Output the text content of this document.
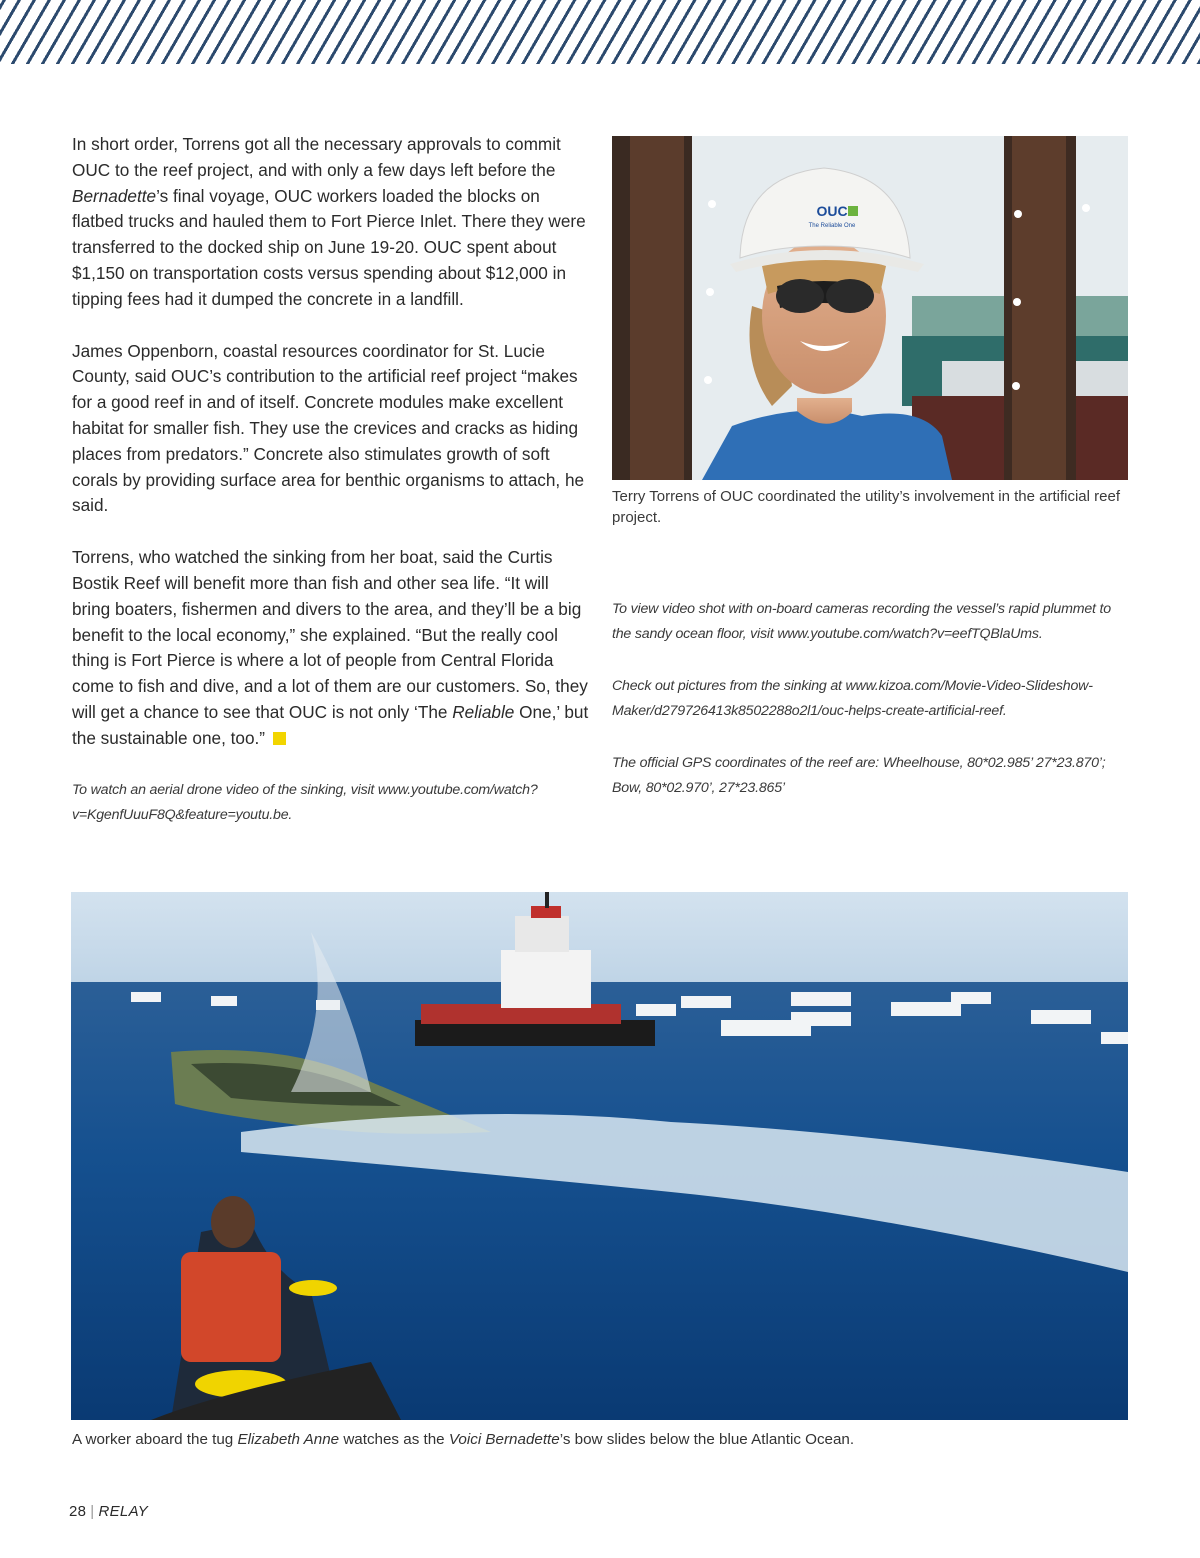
In short order, Torrens got all the necessary approvals to commit OUC to the reef project, and with only a few days left before the Bernadette’s final voyage, OUC workers loaded the blocks on flatbed trucks and hauled them to Fort Pierce Inlet. There they were transferred to the docked ship on June 19-20. OUC spent about $1,150 on transportation costs versus spending about $12,000 in tipping fees had it dumped the concrete in a landfill.

James Oppenborn, coastal resources coordinator for St. Lucie County, said OUC’s contribution to the artificial reef project “makes for a good reef in and of itself. Concrete modules make excellent habitat for smaller fish. They use the crevices and cracks as hiding places from predators.” Concrete also stimulates growth of soft corals by providing surface area for benthic organisms to attach, he said.

Torrens, who watched the sinking from her boat, said the Curtis Bostik Reef will benefit more than fish and other sea life. “It will bring boaters, fishermen and divers to the area, and they’ll be a big benefit to the local economy,” she explained. “But the really cool thing is Fort Pierce is where a lot of people from Central Florida come to fish and dive, and a lot of them are our customers. So, they will get a chance to see that OUC is not only ‘The Reliable One,’ but the sustainable one, too.”

To watch an aerial drone video of the sinking, visit www.youtube.com/watch?v=KgenfUuuF8Q&feature=youtu.be.

OUC
The Reliable One
Terry Torrens of OUC coordinated the utility’s involvement in the artificial reef project.

To view video shot with on-board cameras recording the vessel’s rapid plummet to the sandy ocean floor, visit www.youtube.com/watch?v=eefTQBlaUms.

Check out pictures from the sinking at www.kizoa.com/Movie-Video-Slideshow-Maker/d279726413k8502288o2l1/ouc-helps-create-artificial-reef.

The official GPS coordinates of the reef are: Wheelhouse, 80*02.985’ 27*23.870’; Bow, 80*02.970’, 27*23.865’

A worker aboard the tug Elizabeth Anne watches as the Voici Bernadette’s bow slides below the blue Atlantic Ocean.
28 | RELAY
